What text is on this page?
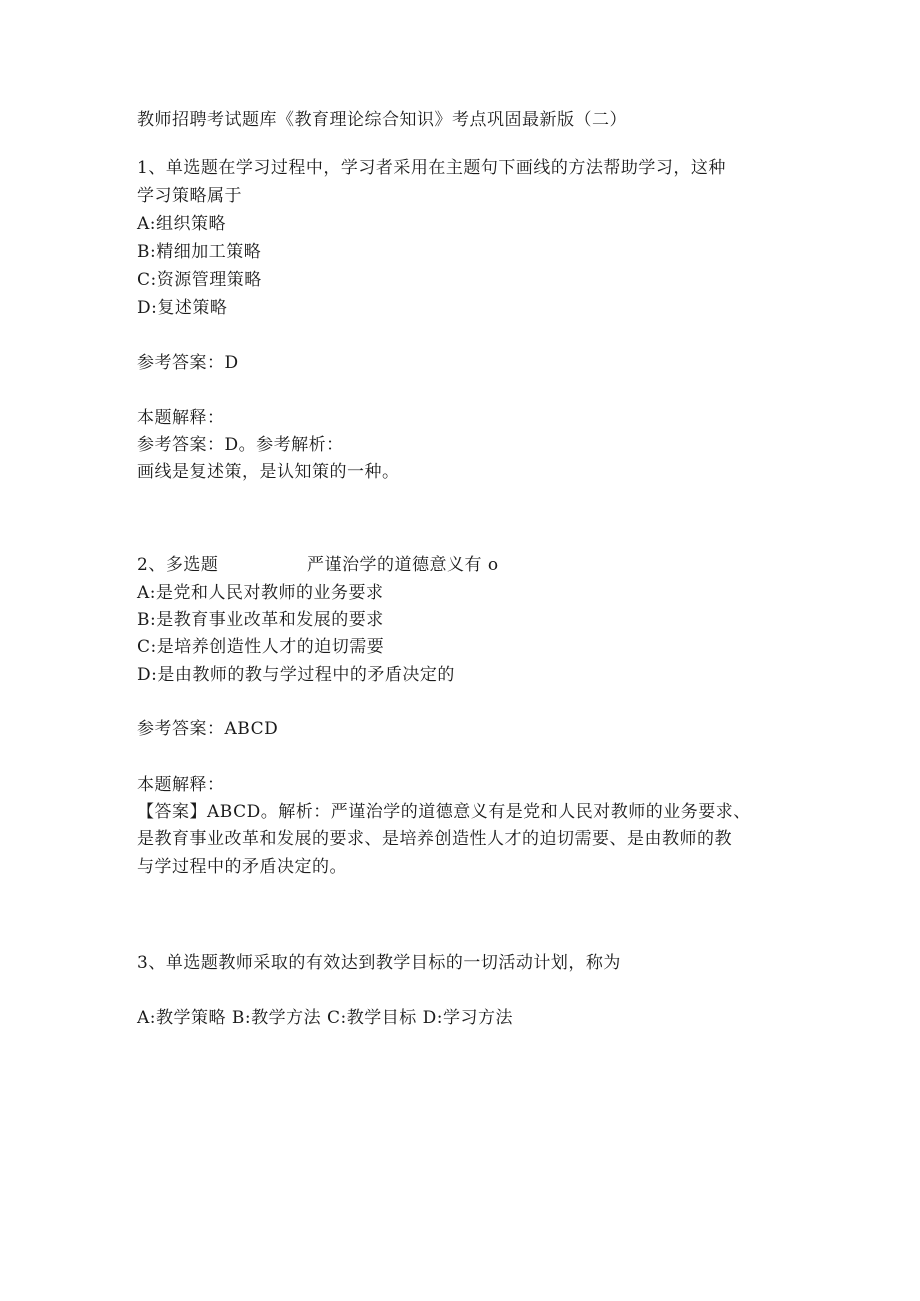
教师招聘考试题库《教育理论综合知识》考点巩固最新版（二）
1、单选题在学习过程中，学习者采用在主题句下画线的方法帮助学习，这种
学习策略属于
A:组织策略
B:精细加工策略
C:资源管理策略
D:复述策略
参考答案：D
本题解释：
参考答案：D。参考解析：
画线是复述策，是认知策的一种。
2、多选题	严谨治学的道德意义有 o
A:是党和人民对教师的业务要求
B:是教育事业改革和发展的要求
C:是培养创造性人才的迫切需要
D:是由教师的教与学过程中的矛盾决定的
参考答案：ABCD
本题解释：
【答案】ABCD。解析：严谨治学的道德意义有是党和人民对教师的业务要求、
是教育事业改革和发展的要求、是培养创造性人才的迫切需要、是由教师的教
与学过程中的矛盾决定的。
3、单选题教师采取的有效达到教学目标的一切活动计划，称为
A:教学策略 B:教学方法 C:教学目标 D:学习方法
